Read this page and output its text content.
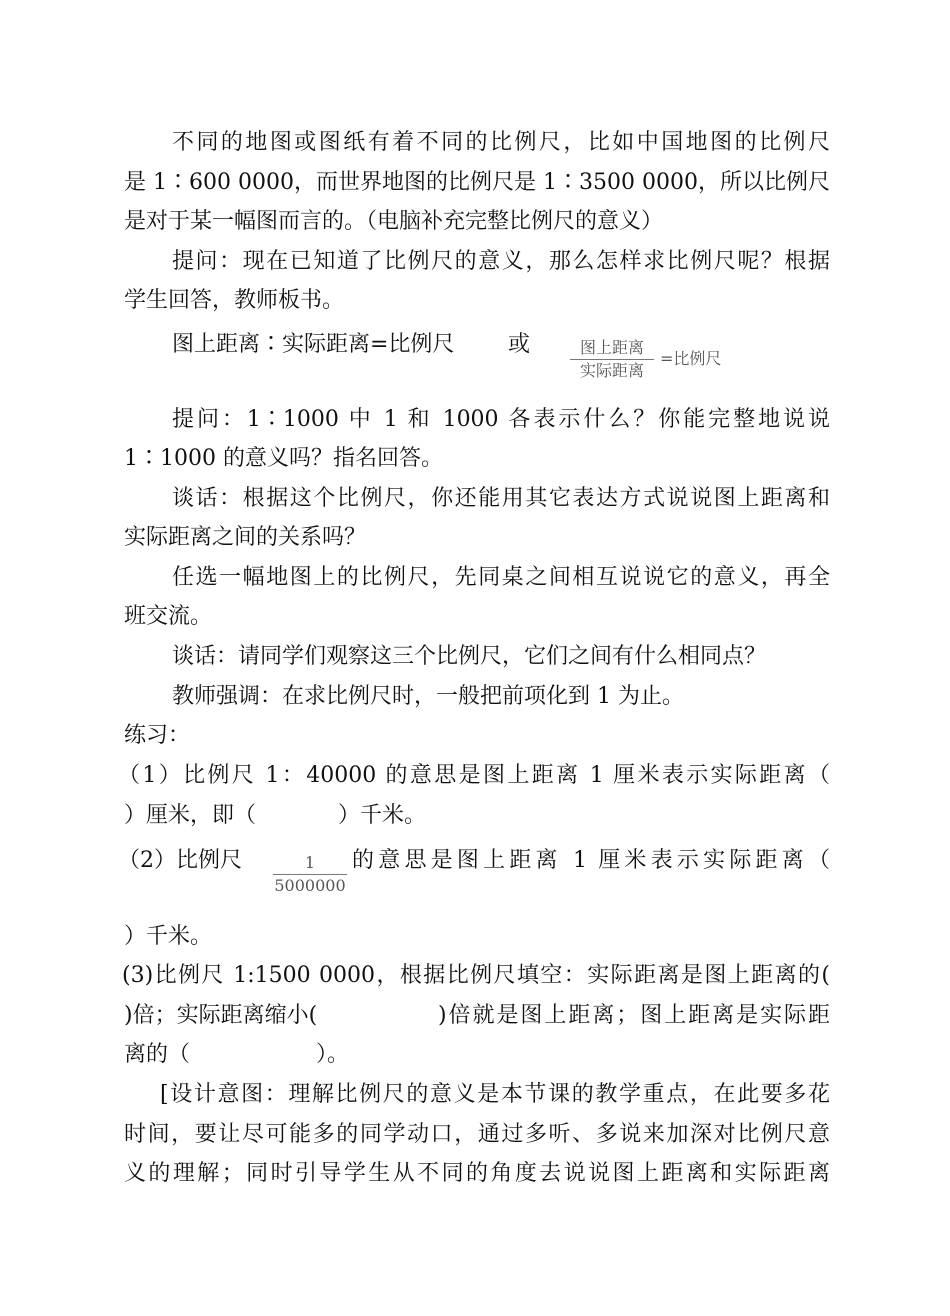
不同的地图或图纸有着不同的比例尺，比如中国地图的比例尺
是 1∶600 0000，而世界地图的比例尺是 1∶3500 0000，所以比例尺
是对于某一幅图而言的。（电脑补充完整比例尺的意义）
提问：现在已知道了比例尺的意义，那么怎样求比例尺呢？根据
学生回答，教师板书。
图上距离∶实际距离=比例尺 或	图上距离
实际距离
=比例尺
提问：1∶1000 中 1 和 1000 各表示什么？你能完整地说说
1∶1000 的意义吗？指名回答。
谈话：根据这个比例尺，你还能用其它表达方式说说图上距离和
实际距离之间的关系吗？
任选一幅地图上的比例尺，先同桌之间相互说说它的意义，再全
班交流。
谈话：请同学们观察这三个比例尺，它们之间有什么相同点？
教师强调：在求比例尺时，一般把前项化到 1 为止。
练习：
（1）比例尺 1：40000 的意思是图上距离 1 厘米表示实际距离（
）厘米，即（	）千米。
（2）比例尺	1
5000000
的意思是图上距离 1 厘米表示实际距离（
）千米。
(3)比例尺 1:1500 0000，根据比例尺填空：实际距离是图上距离的(
)倍；实际距离缩小(	)倍就是图上距离；图上距离是实际距
离的（	）。
[设计意图：理解比例尺的意义是本节课的教学重点，在此要多花
时间，要让尽可能多的同学动口，通过多听、多说来加深对比例尺意
义的理解；同时引导学生从不同的角度去说说图上距离和实际距离
